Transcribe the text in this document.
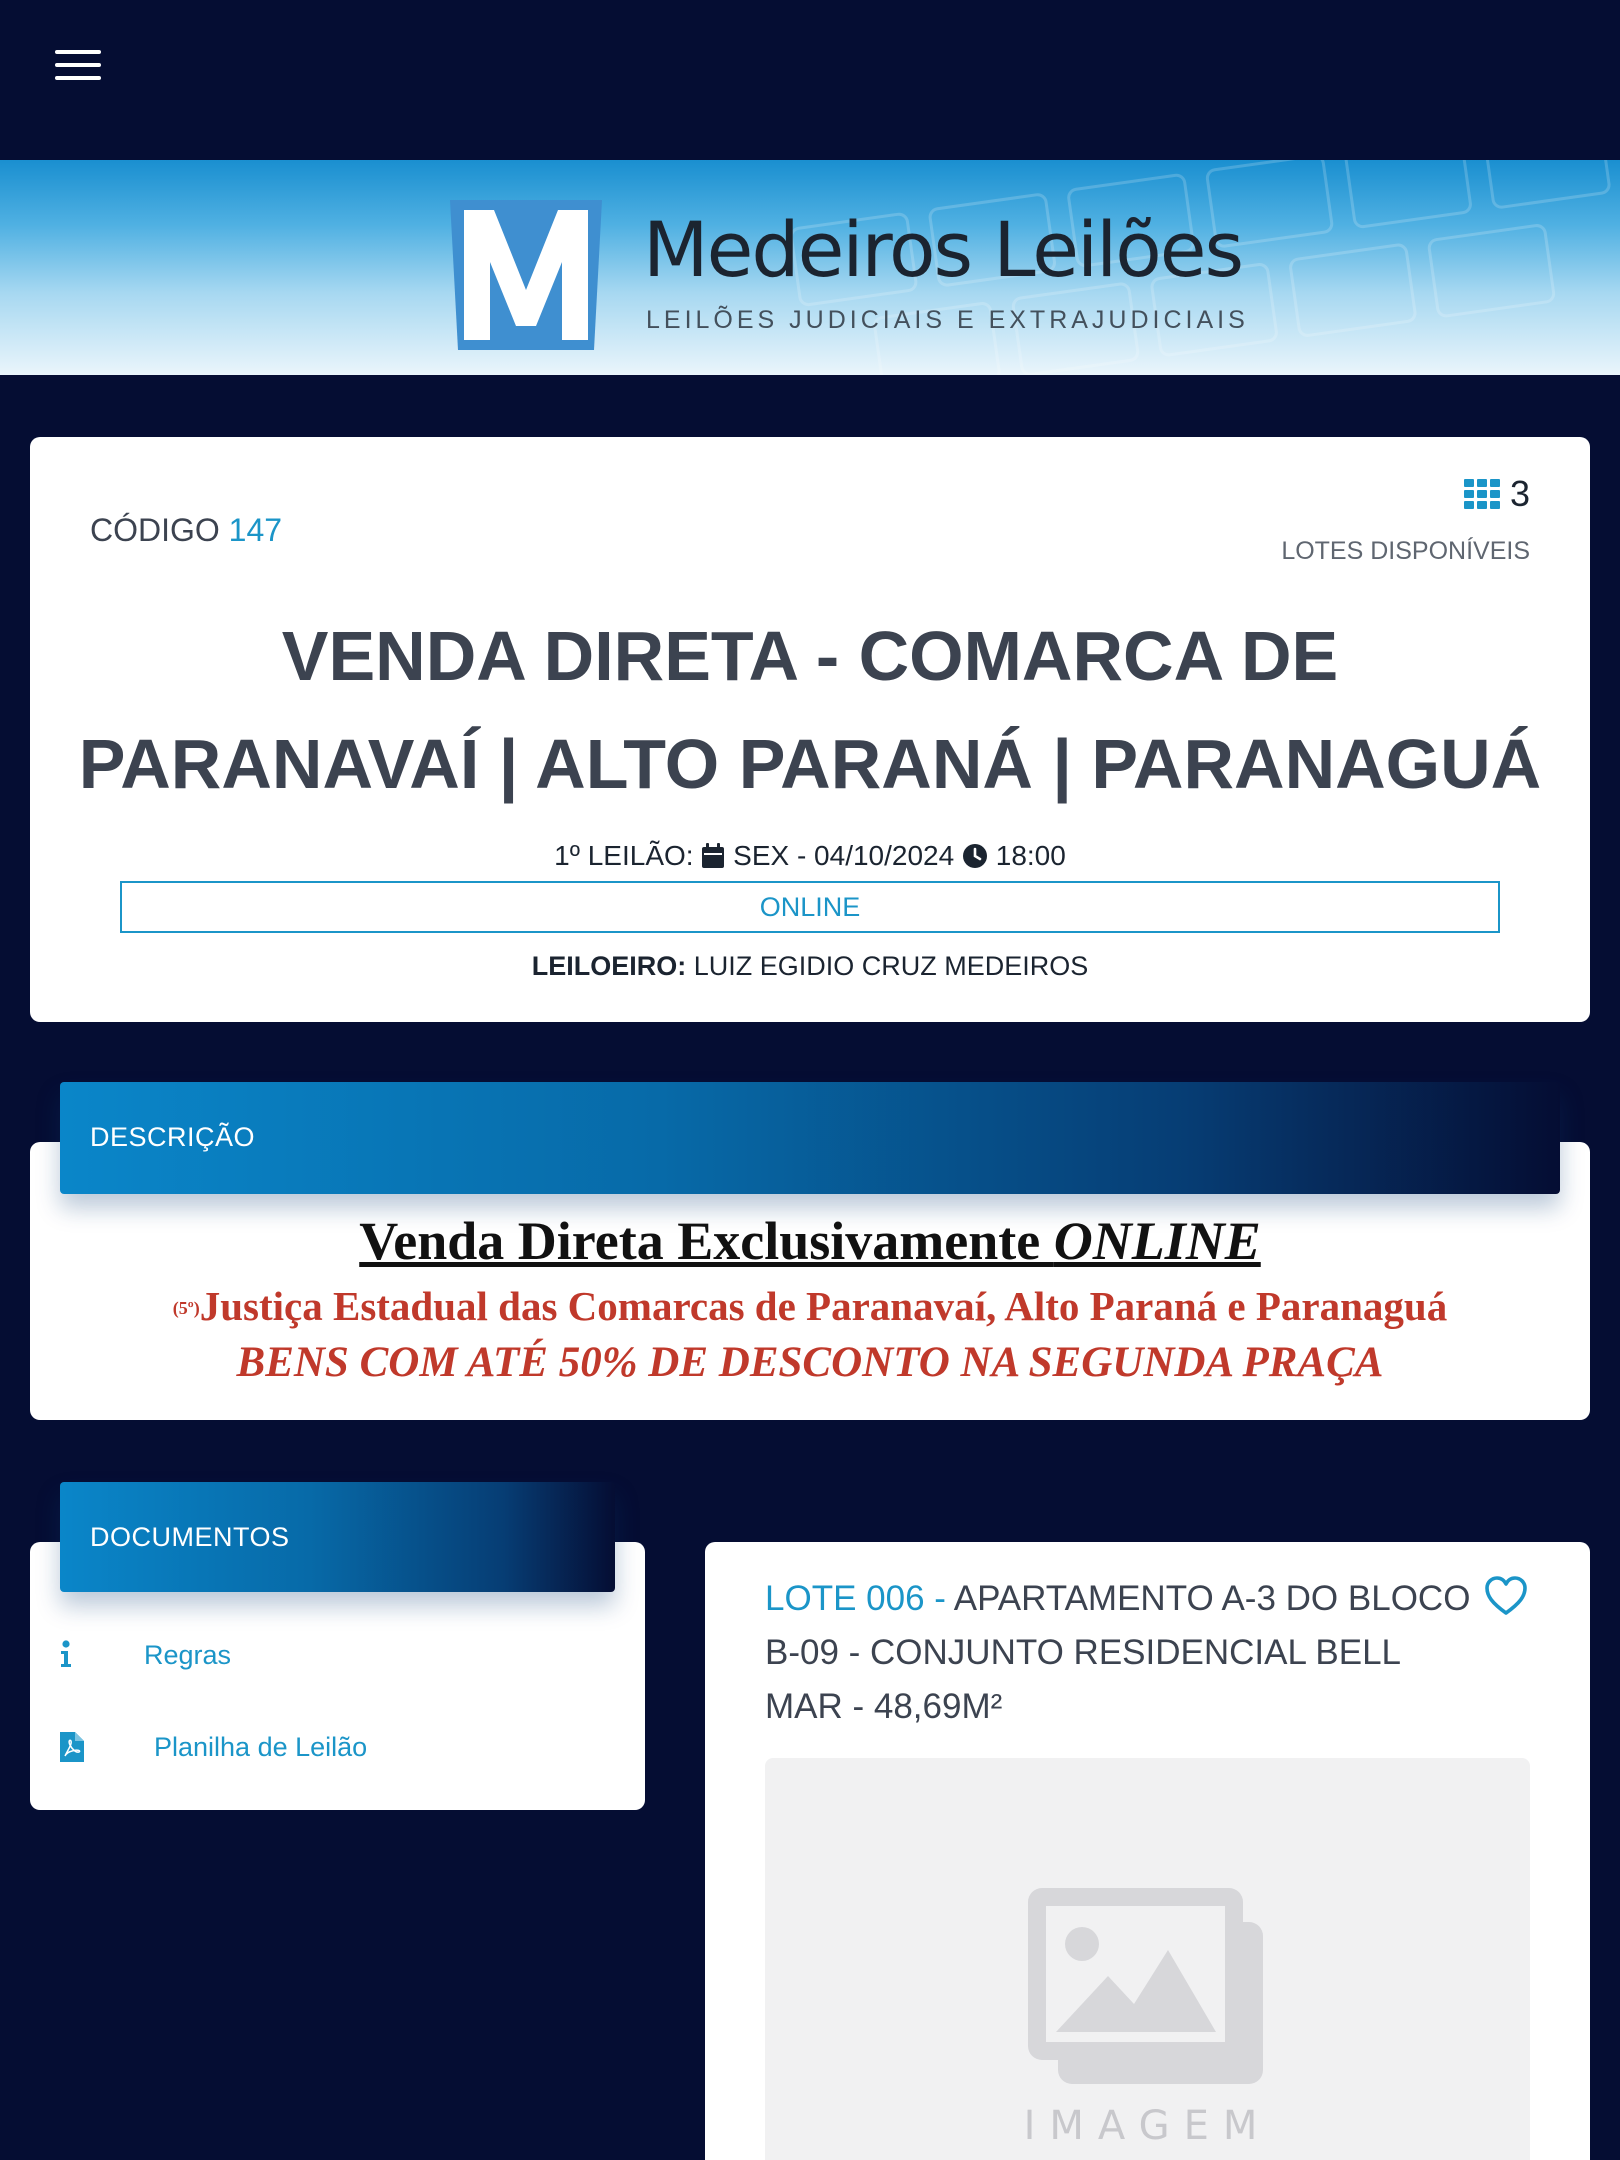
Medeiros Leilões
LEILÕES JUDICIAIS E EXTRAJUDICIAIS
CÓDIGO 147
3
LOTES DISPONÍVEIS
VENDA DIRETA - COMARCA DE
PARANAVAÍ | ALTO PARANÁ | PARANAGUÁ
1º LEILÃO: SEX - 04/10/2024 18:00
ONLINE
LEILOEIRO: LUIZ EGIDIO CRUZ MEDEIROS
DESCRIÇÃO
Venda Direta Exclusivamente ONLINE
$^{(5º)}$Justiça Estadual das Comarcas de Paranavaí, Alto Paraná e Paranaguá
BENS COM ATÉ 50% DE DESCONTO NA SEGUNDA PRAÇA
DOCUMENTOS
Regras
Planilha de Leilão
LOTE 006 - APARTAMENTO A-3 DO BLOCO B-09 - CONJUNTO RESIDENCIAL BELL MAR - 48,69M²
IMAGEM
